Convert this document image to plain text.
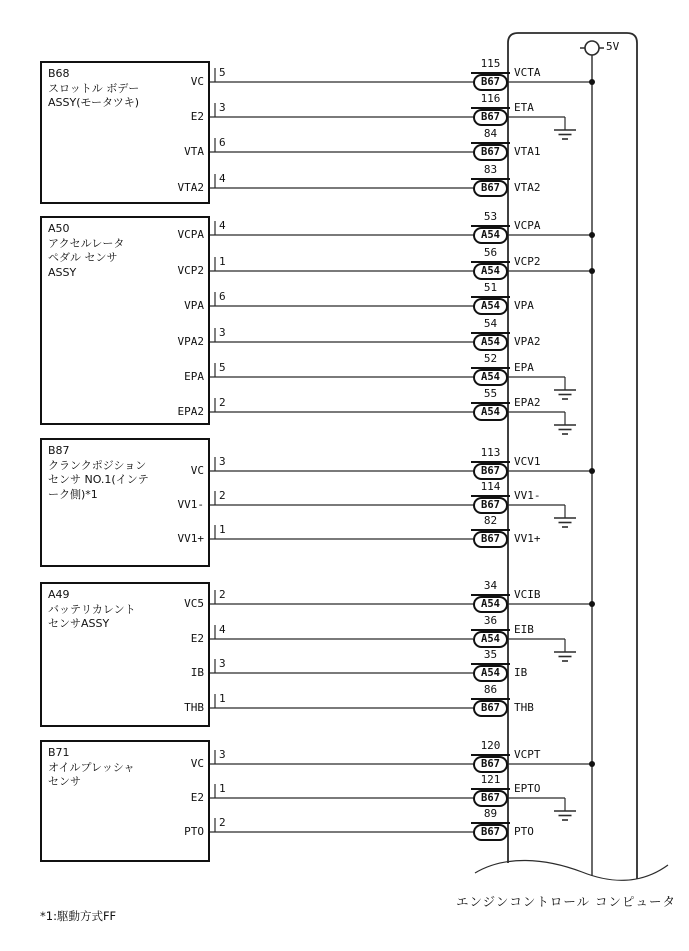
エンジンコントロール コンピュータ
*1:駆動方式FF
5V
B68
スロットル ボデー
ASSY(モータツキ)
VC
5
115
B67
VCTA
E2
3
116
B67
ETA
VTA
6
84
B67	VTA1
VTA2
4
83
B67	VTA2
A50
アクセルレータ
ペダル センサ
ASSY
VCPA
4
53
A54
VCPA
VCP2
1
56
A54
VCP2
VPA
6
51
A54	VPA
VPA2
3
54
A54	VPA2
EPA
5
52
A54
EPA
EPA2
2
55
A54
EPA2
B87
クランクポジション
センサ NO.1(インテ
ーク側)*1
VC
3
113
B67
VCV1
VV1-
2
114
B67
VV1-
VV1+
1
82
B67	VV1+
A49
バッテリカレント
センサASSY
VC5
2
34
A54
VCIB
E2
4
36
A54
EIB
IB
3
35
A54	IB
THB
1
86
B67	THB
B71
オイルプレッシャ
センサ
VC
3
120
B67
VCPT
E2
1
121
B67
EPTO
PTO
2
89
B67	PTO
